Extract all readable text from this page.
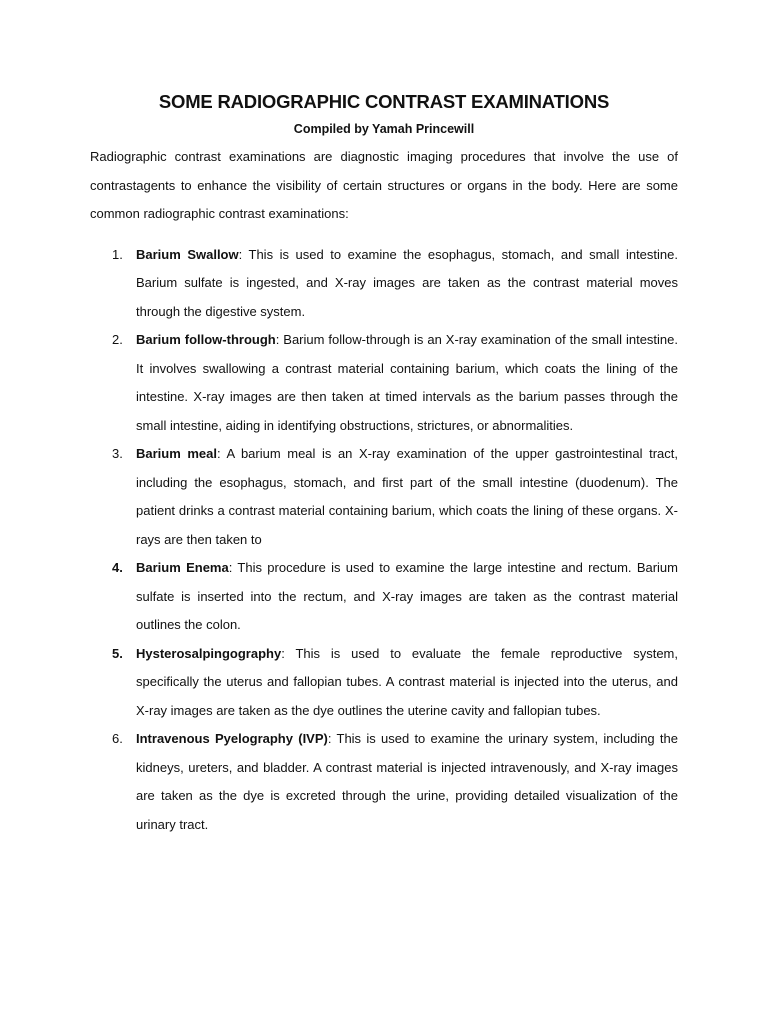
SOME RADIOGRAPHIC CONTRAST EXAMINATIONS

Compiled by Yamah Princewill

Radiographic contrast examinations are diagnostic imaging procedures that involve the use of contrastagents to enhance the visibility of certain structures or organs in the body. Here are some common radiographic contrast examinations:

1. Barium Swallow: This is used to examine the esophagus, stomach, and small intestine. Barium sulfate is ingested, and X-ray images are taken as the contrast material moves through the digestive system.
2. Barium follow-through: Barium follow-through is an X-ray examination of the small intestine. It involves swallowing a contrast material containing barium, which coats the lining of the intestine. X-ray images are then taken at timed intervals as the barium passes through the small intestine, aiding in identifying obstructions, strictures, or abnormalities.
3. Barium meal: A barium meal is an X-ray examination of the upper gastrointestinal tract, including the esophagus, stomach, and first part of the small intestine (duodenum). The patient drinks a contrast material containing barium, which coats the lining of these organs. X-rays are then taken to
4. Barium Enema: This procedure is used to examine the large intestine and rectum. Barium sulfate is inserted into the rectum, and X-ray images are taken as the contrast material outlines the colon.
5. Hysterosalpingography: This is used to evaluate the female reproductive system, specifically the uterus and fallopian tubes. A contrast material is injected into the uterus, and X-ray images are taken as the dye outlines the uterine cavity and fallopian tubes.
6. Intravenous Pyelography (IVP): This is used to examine the urinary system, including the kidneys, ureters, and bladder. A contrast material is injected intravenously, and X-ray images are taken as the dye is excreted through the urine, providing detailed visualization of the urinary tract.
